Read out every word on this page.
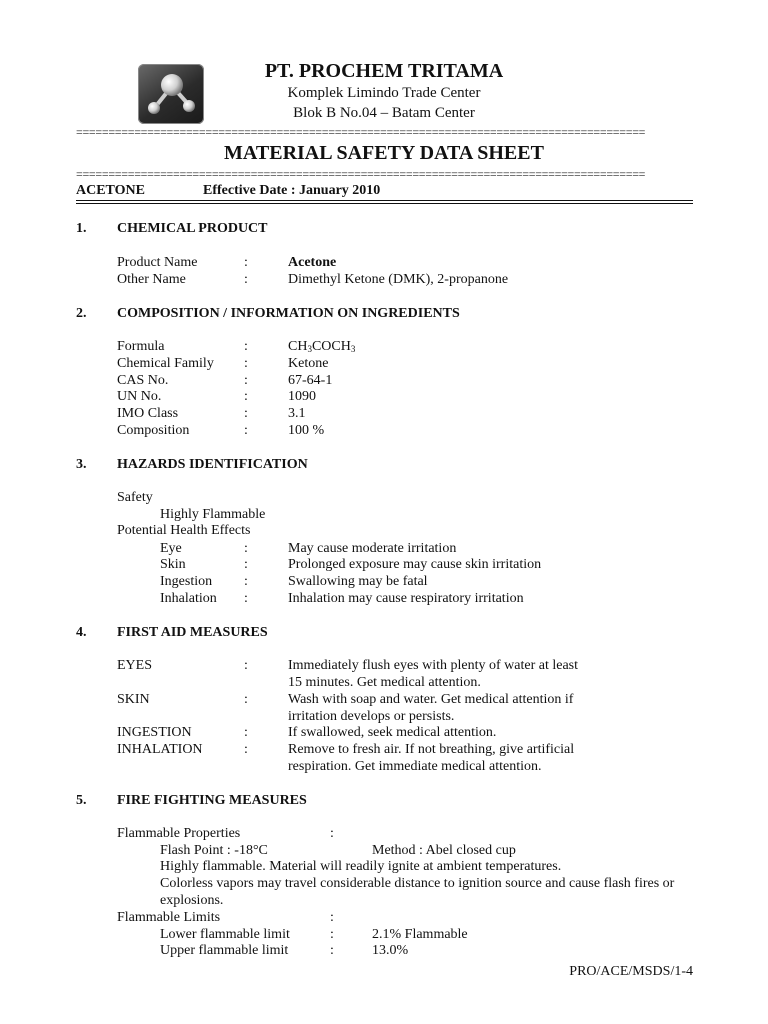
PT. PROCHEM TRITAMA
Komplek Limindo Trade Center
Blok B No.04 – Batam Center
========================================================================================
MATERIAL SAFETY DATA SHEET
========================================================================================
ACETONE	Effective Date : January 2010
1. CHEMICAL PRODUCT
Product Name	:	Acetone
Other Name	:	Dimethyl Ketone (DMK), 2-propanone
2. COMPOSITION / INFORMATION ON INGREDIENTS
Formula	:	$CH_3COCH_3$
Chemical Family :	Ketone
CAS No.	:	67-64-1
UN No.	:	1090
IMO Class	:	3.1
Composition	:	100 %
3. HAZARDS IDENTIFICATION
Safety
Highly Flammable
Potential Health Effects
Eye	:	May cause moderate irritation
Skin	:	Prolonged exposure may cause skin irritation
Ingestion :	Swallowing may be fatal
Inhalation :	Inhalation may cause respiratory irritation
4. FIRST AID MEASURES
EYES	:	Immediately flush eyes with plenty of water at least
15 minutes. Get medical attention.
SKIN	:	Wash with soap and water. Get medical attention if
irritation develops or persists.
INGESTION	:	If swallowed, seek medical attention.
INHALATION	:	Remove to fresh air. If not breathing, give artificial
respiration. Get immediate medical attention.
5. FIRE FIGHTING MEASURES
Flammable Properties	:
Flash Point : -18°C	Method : Abel closed cup
Highly flammable. Material will readily ignite at ambient temperatures.
Colorless vapors may travel considerable distance to ignition source and cause flash fires or
explosions.
Flammable Limits	:
Lower flammable limit	:	2.1% Flammable
Upper flammable limit	:	13.0%
PRO/ACE/MSDS/1-4
